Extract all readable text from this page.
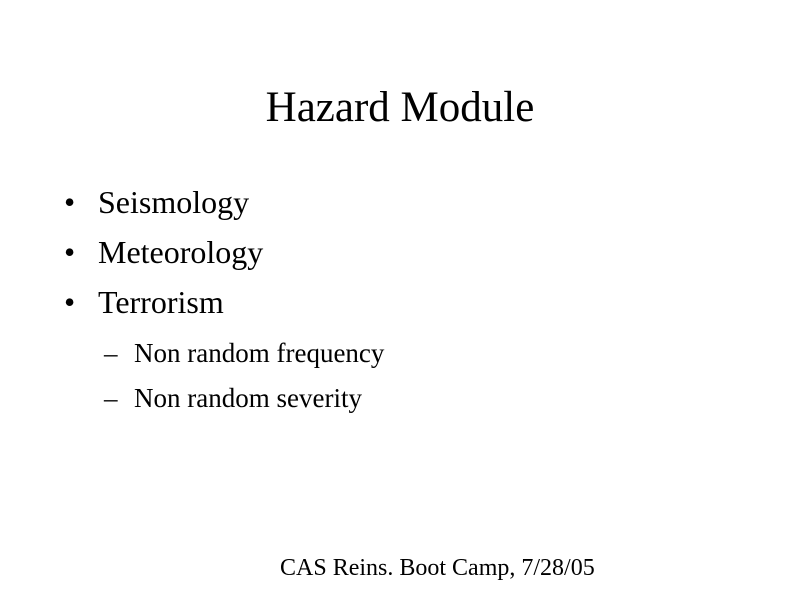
Hazard Module
• Seismology
• Meteorology
• Terrorism
– Non random frequency
– Non random severity
CAS Reins. Boot Camp, 7/28/05
